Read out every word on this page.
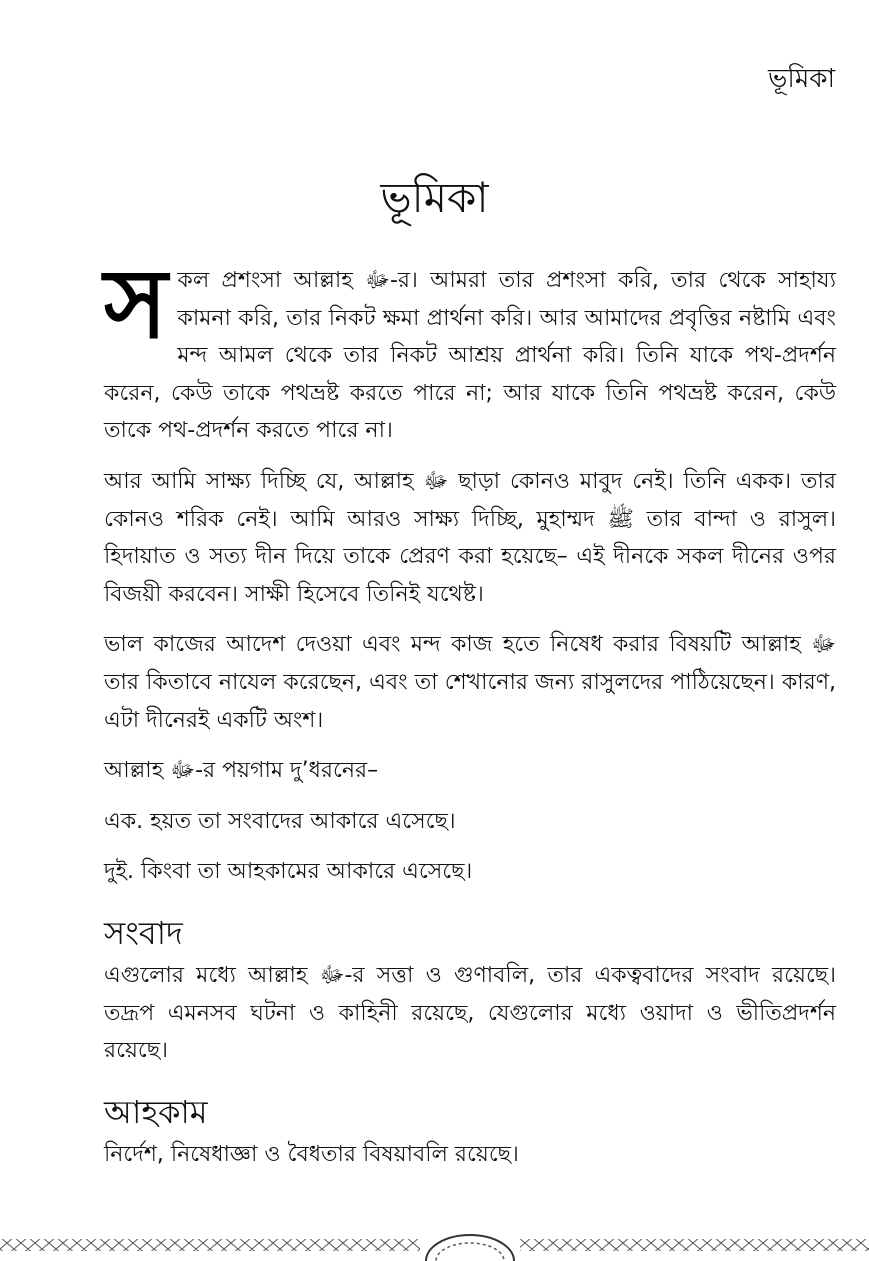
ভূমিকা
ভূমিকা

স কল প্রশংসা আল্লাহ ﷻ-র। আমরা তার প্রশংসা করি, তার থেকে সাহায্য কামনা করি, তার নিকট ক্ষমা প্রার্থনা করি। আর আমাদের প্রবৃত্তির নষ্টামি এবং মন্দ আমল থেকে তার নিকট আশ্রয় প্রার্থনা করি। তিনি যাকে পথ-প্রদর্শন করেন, কেউ তাকে পথভ্রষ্ট করতে পারে না; আর যাকে তিনি পথভ্রষ্ট করেন, কেউ তাকে পথ-প্রদর্শন করতে পারে না।

আর আমি সাক্ষ্য দিচ্ছি যে, আল্লাহ ﷻ ছাড়া কোনও মাবুদ নেই। তিনি একক। তার কোনও শরিক নেই। আমি আরও সাক্ষ্য দিচ্ছি, মুহাম্মদ ﷺ তার বান্দা ও রাসুল। হিদায়াত ও সত্য দীন দিয়ে তাকে প্রেরণ করা হয়েছে– এই দীনকে সকল দীনের ওপর বিজয়ী করবেন। সাক্ষী হিসেবে তিনিই যথেষ্ট।

ভাল কাজের আদেশ দেওয়া এবং মন্দ কাজ হতে নিষেধ করার বিষয়টি আল্লাহ ﷻ তার কিতাবে নাযেল করেছেন, এবং তা শেখানোর জন্য রাসুলদের পাঠিয়েছেন। কারণ, এটা দীনেরই একটি অংশ।

আল্লাহ ﷻ-র পয়গাম দু’ধরনের–

এক. হয়ত তা সংবাদের আকারে এসেছে।

দুই. কিংবা তা আহকামের আকারে এসেছে।

সংবাদ

এগুলোর মধ্যে আল্লাহ ﷻ-র সত্তা ও গুণাবলি, তার একত্ববাদের সংবাদ রয়েছে। তদ্রূপ এমনসব ঘটনা ও কাহিনী রয়েছে, যেগুলোর মধ্যে ওয়াদা ও ভীতিপ্রদর্শন রয়েছে।

আহকাম

নির্দেশ, নিষেধাজ্ঞা ও বৈধতার বিষয়াবলি রয়েছে।
